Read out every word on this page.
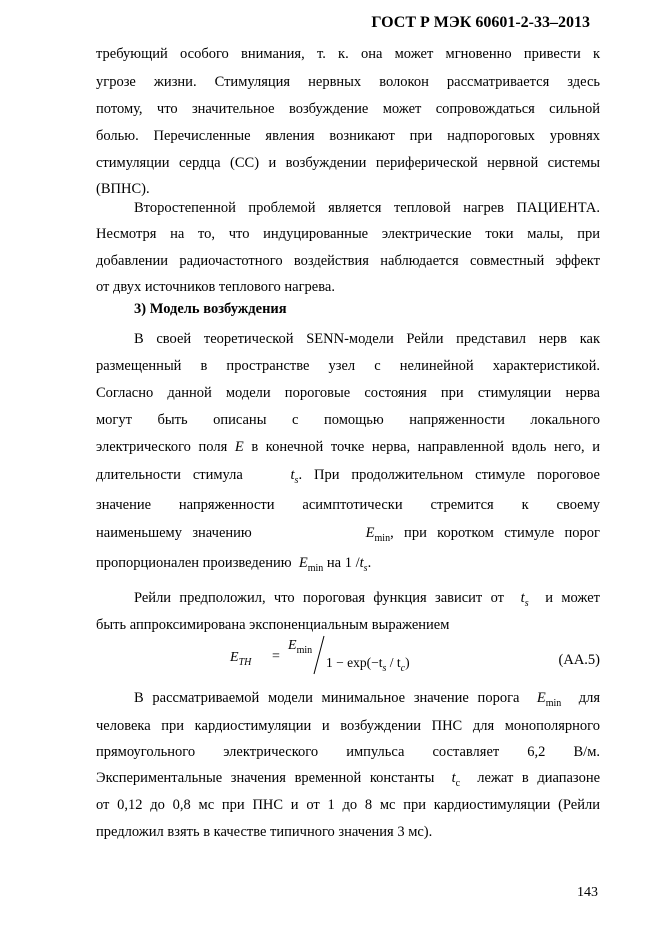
ГОСТ Р МЭК 60601-2-33–2013
требующий особого внимания, т. к. она может мгновенно привести к
угрозе жизни. Стимуляция нервных волокон рассматривается здесь
потому, что значительное возбуждение может сопровождаться сильной
болью. Перечисленные явления возникают при надпороговых уровнях
стимуляции сердца (СС) и возбуждении периферической нервной системы
(ВПНС).
Второстепенной проблемой является тепловой нагрев ПАЦИЕНТА.
Несмотря на то, что индуцированные электрические токи малы, при
добавлении радиочастотного воздействия наблюдается совместный эффект
от двух источников теплового нагрева.
3) Модель возбуждения
В своей теоретической SENN-модели Рейли представил нерв как
размещенный в пространстве узел с нелинейной характеристикой.
Согласно данной модели пороговые состояния при стимуляции нерва
могут быть описаны с помощью напряженности локального
электрического поля E в конечной точке нерва, направленной вдоль него, и
длительности стимула	$t_s$. При продолжительном стимуле пороговое
значение напряженности асимптотически стремится к своему
наименьшему значению	$E_{min}$, при коротком стимуле порог
пропорционален произведению $E_{min}$ на 1 $/t_s$.
Рейли предположил, что пороговая функция зависит от $t_s$ и может
быть аппроксимирована экспоненциальным выражением
$E_{TH}$ =
$E_{min}$
$1 - \exp(-t_s / t_c)$	(AA.5)
В рассматриваемой модели минимальное значение порога $E_{min}$ для
человека при кардиостимуляции и возбуждении ПНС для монополярного
прямоугольного электрического импульса составляет 6,2 В/м.
Экспериментальные значения временной константы $t_c$ лежат в диапазоне
от 0,12 до 0,8 мс при ПНС и от 1 до 8 мс при кардиостимуляции (Рейли
предложил взять в качестве типичного значения 3 мс).
143
